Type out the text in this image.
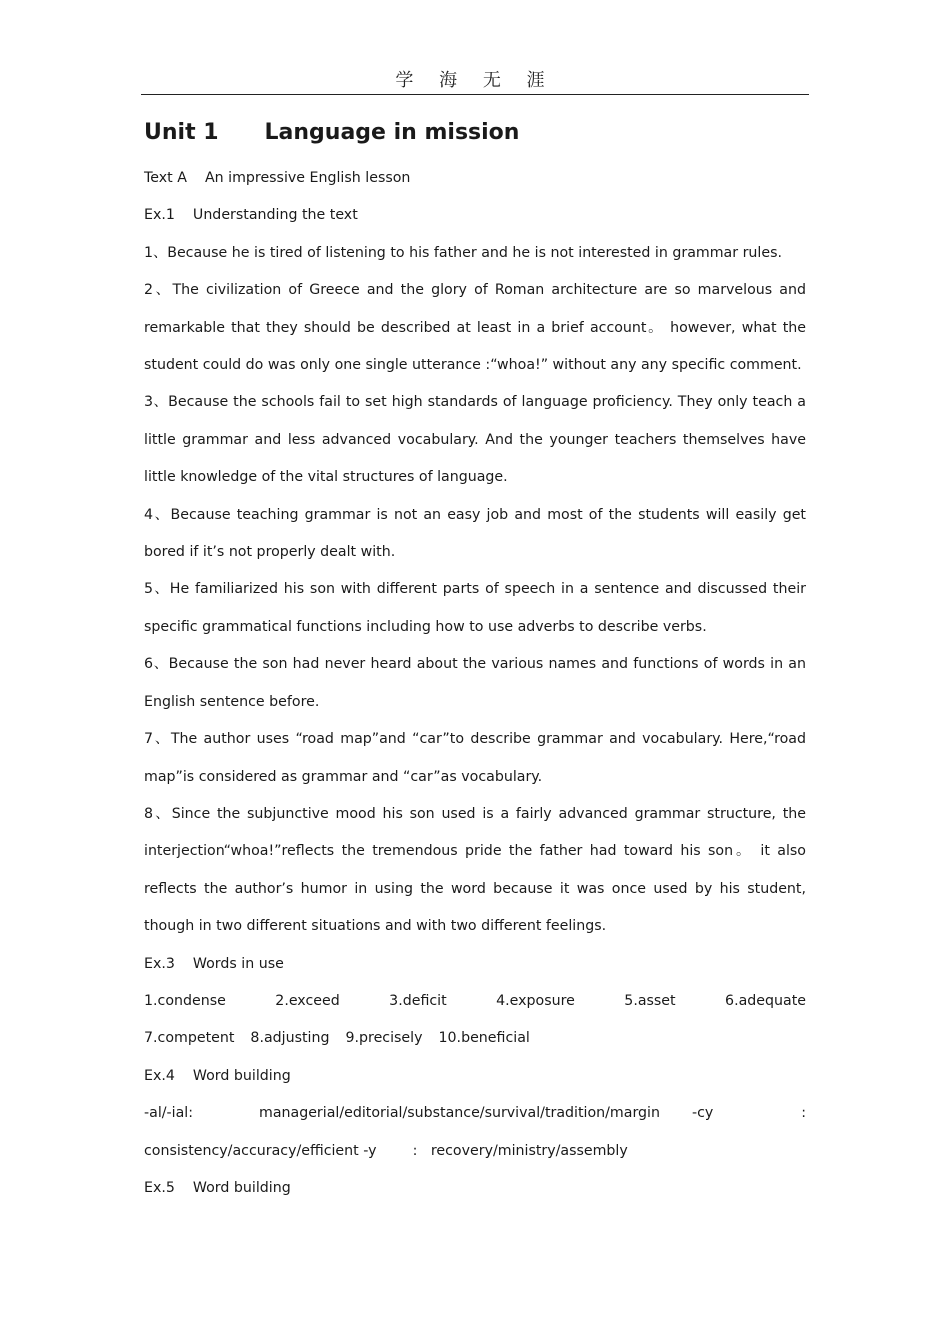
学 海 无 涯
Unit 1      Language in mission
Text A    An impressive English lesson
Ex.1    Understanding the text

1、Because he is tired of listening to his father and he is not interested in grammar rules.

2、The civilization of Greece and the glory of Roman architecture are so marvelous and remarkable that they should be described at least in a brief account。 however, what the student could do was only one single utterance :“whoa!” without any any specific comment.

3、Because the schools fail to set high standards of language proficiency. They only teach a little grammar and less advanced vocabulary. And the younger teachers themselves have little knowledge of the vital structures of language.

4、Because teaching grammar is not an easy job and most of the students will easily get bored if it’s not properly dealt with.

5、He familiarized his son with different parts of speech in a sentence and discussed their specific grammatical functions including how to use adverbs to describe verbs.

6、Because the son had never heard about the various names and functions of words in an English sentence before.

7、The author uses “road map”and “car”to describe grammar and vocabulary. Here,“road map”is considered as grammar and “car”as vocabulary.

8、Since the subjunctive mood his son used is a fairly advanced grammar structure, the interjection“whoa!”reflects the tremendous pride the father had toward his son。 it also reflects the author’s humor in using the word because it was once used by his student, though in two different situations and with two different feelings.

Ex.3    Words in use
1.condense	2.exceed	3.deficit	4.exposure	5.asset	6.adequate
7.competent 8.adjusting 9.precisely 10.beneficial
Ex.4    Word building
-al/-ial:	managerial/editorial/substance/survival/tradition/margin	-cy	:
consistency/accuracy/efficient -y        :   recovery/ministry/assembly
Ex.5    Word building
